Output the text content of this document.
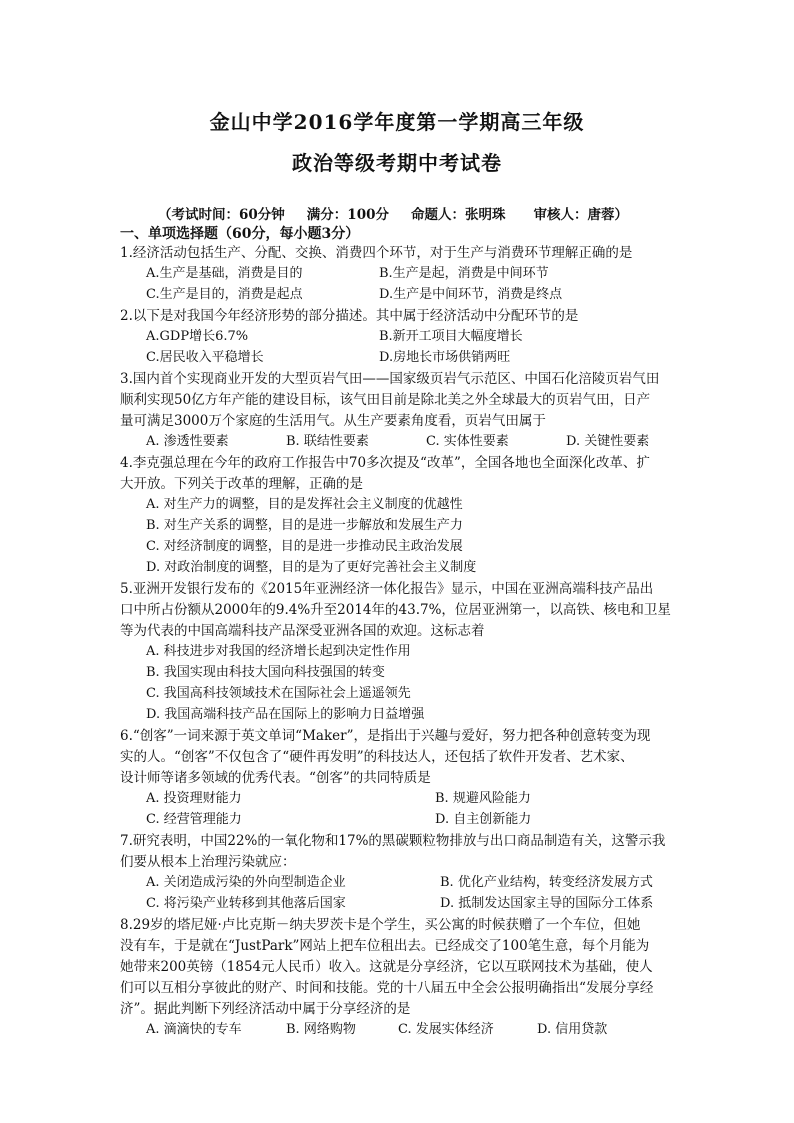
金山中学2016学年度第一学期高三年级
政治等级考期中考试卷
（考试时间：60分钟 满分：100分 命题人：张明珠 审核人：唐蓉）
一、单项选择题（60分，每小题3分）
1.经济活动包括生产、分配、交换、消费四个环节，对于生产与消费环节理解正确的是
A.生产是基础，消费是目的	B.生产是起，消费是中间环节
C.生产是目的，消费是起点	D.生产是中间环节，消费是终点
2.以下是对我国今年经济形势的部分描述。其中属于经济活动中分配环节的是
A.GDP增长6.7%	B.新开工项目大幅度增长
C.居民收入平稳增长	D.房地长市场供销两旺
3.国内首个实现商业开发的大型页岩气田——国家级页岩气示范区、中国石化涪陵页岩气田
顺利实现50亿方年产能的建设目标，该气田目前是除北美之外全球最大的页岩气田，日产
量可满足3000万个家庭的生活用气。从生产要素角度看，页岩气田属于
A. 渗透性要素	B. 联结性要素	C. 实体性要素	D. 关键性要素
4.李克强总理在今年的政府工作报告中70多次提及“改革”，全国各地也全面深化改革、扩
大开放。下列关于改革的理解，正确的是
A. 对生产力的调整，目的是发挥社会主义制度的优越性
B. 对生产关系的调整，目的是进一步解放和发展生产力
C. 对经济制度的调整，目的是进一步推动民主政治发展
D. 对政治制度的调整，目的是为了更好完善社会主义制度
5.亚洲开发银行发布的《2015年亚洲经济一体化报告》显示，中国在亚洲高端科技产品出
口中所占份额从2000年的9.4%升至2014年的43.7%，位居亚洲第一，以高铁、核电和卫星
等为代表的中国高端科技产品深受亚洲各国的欢迎。这标志着
A. 科技进步对我国的经济增长起到决定性作用
B. 我国实现由科技大国向科技强国的转变
C. 我国高科技领域技术在国际社会上遥遥领先
D. 我国高端科技产品在国际上的影响力日益增强
6.“创客”一词来源于英文单词“Maker”，是指出于兴趣与爱好，努力把各种创意转变为现
实的人。“创客”不仅包含了“硬件再发明”的科技达人，还包括了软件开发者、艺术家、
设计师等诸多领域的优秀代表。“创客”的共同特质是
A. 投资理财能力	B. 规避风险能力
C. 经营管理能力	D. 自主创新能力
7.研究表明，中国22%的一氧化物和17%的黑碳颗粒物排放与出口商品制造有关，这警示我
们要从根本上治理污染就应：
A. 关闭造成污染的外向型制造企业	B. 优化产业结构，转变经济发展方式
C. 将污染产业转移到其他落后国家	D. 抵制发达国家主导的国际分工体系
8.29岁的塔尼娅·卢比克斯－纳夫罗茨卡是个学生，买公寓的时候获赠了一个车位，但她
没有车，于是就在“JustPark”网站上把车位租出去。已经成交了100笔生意，每个月能为
她带来200英镑（1854元人民币）收入。这就是分享经济，它以互联网技术为基础，使人
们可以互相分享彼此的财产、时间和技能。党的十八届五中全会公报明确指出“发展分享经
济”。据此判断下列经济活动中属于分享经济的是
A. 滴滴快的专车	B. 网络购物	C. 发展实体经济	D. 信用贷款
